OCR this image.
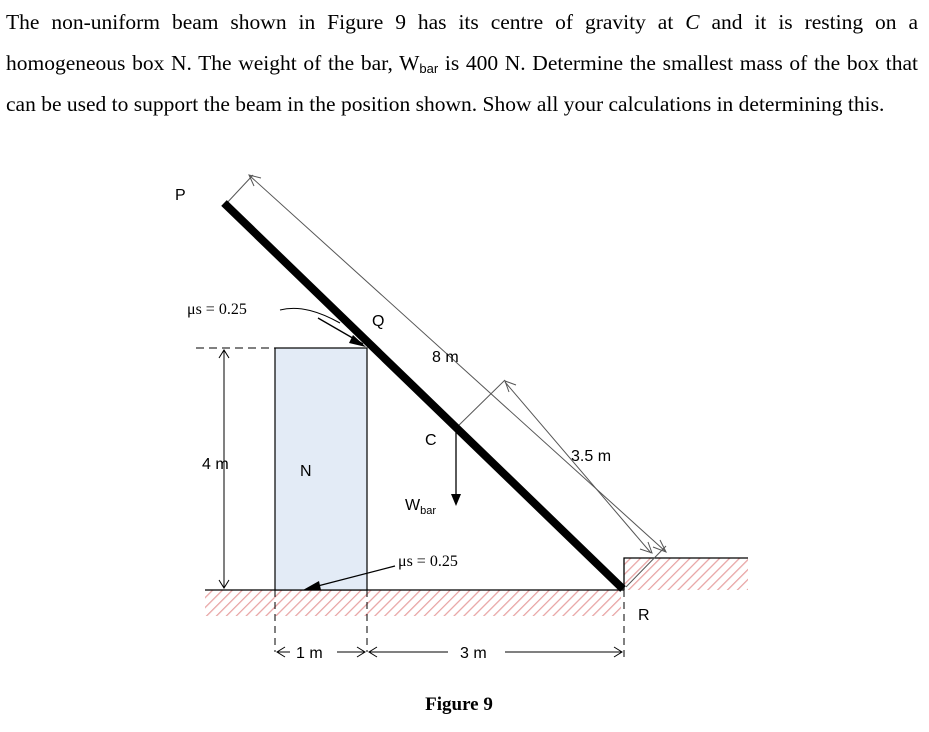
The non-uniform beam shown in Figure 9 has its centre of gravity at C and it is resting on a homogeneous box N. The weight of the bar, $W_{bar}$ is 400 N. Determine the smallest mass of the box that can be used to support the beam in the position shown. Show all your calculations in determining this.

P
μs = 0.25
Q
8 m
C
3.5 m
4 m	N
$W_{bar}$
μs = 0.25
R
1 m	3 m
Figure 9
